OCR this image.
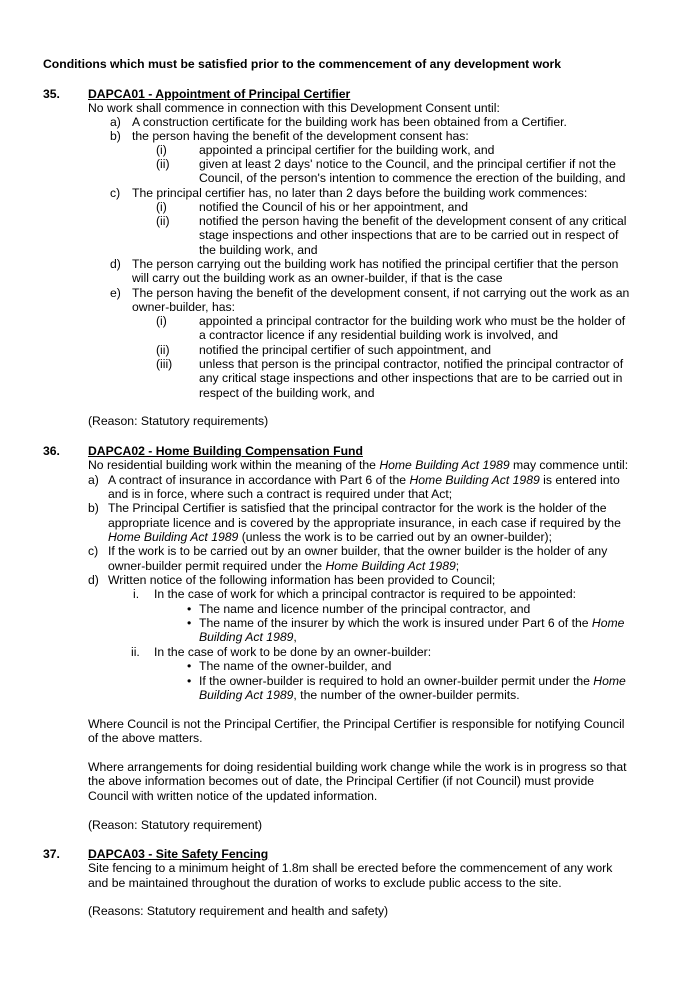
Conditions which must be satisfied prior to the commencement of any development work
35. DAPCA01 - Appointment of Principal Certifier
No work shall commence in connection with this Development Consent until:
a) A construction certificate for the building work has been obtained from a Certifier.
b) the person having the benefit of the development consent has:
(i)	appointed a principal certifier for the building work, and
(ii) given at least 2 days' notice to the Council, and the principal certifier if not the
Council, of the person's intention to commence the erection of the building, and
c) The principal certifier has, no later than 2 days before the building work commences:
(i)	notified the Council of his or her appointment, and
(ii) notified the person having the benefit of the development consent of any critical
stage inspections and other inspections that are to be carried out in respect of
the building work, and
d) The person carrying out the building work has notified the principal certifier that the person
will carry out the building work as an owner-builder, if that is the case
e) The person having the benefit of the development consent, if not carrying out the work as an
owner-builder, has:
(i)	appointed a principal contractor for the building work who must be the holder of
a contractor licence if any residential building work is involved, and
(ii) notified the principal certifier of such appointment, and
(iii) unless that person is the principal contractor, notified the principal contractor of
any critical stage inspections and other inspections that are to be carried out in
respect of the building work, and
(Reason: Statutory requirements)
36. DAPCA02 - Home Building Compensation Fund
No residential building work within the meaning of the Home Building Act 1989 may commence until:
a) A contract of insurance in accordance with Part 6 of the Home Building Act 1989 is entered into
and is in force, where such a contract is required under that Act;
b) The Principal Certifier is satisfied that the principal contractor for the work is the holder of the
appropriate licence and is covered by the appropriate insurance, in each case if required by the
Home Building Act 1989 (unless the work is to be carried out by an owner-builder);
c) If the work is to be carried out by an owner builder, that the owner builder is the holder of any
owner-builder permit required under the Home Building Act 1989;
d) Written notice of the following information has been provided to Council;
i. In the case of work for which a principal contractor is required to be appointed:
• The name and licence number of the principal contractor, and
• The name of the insurer by which the work is insured under Part 6 of the Home
Building Act 1989,
ii. In the case of work to be done by an owner-builder:
• The name of the owner-builder, and
• If the owner-builder is required to hold an owner-builder permit under the Home
Building Act 1989, the number of the owner-builder permits.
Where Council is not the Principal Certifier, the Principal Certifier is responsible for notifying Council
of the above matters.
Where arrangements for doing residential building work change while the work is in progress so that
the above information becomes out of date, the Principal Certifier (if not Council) must provide
Council with written notice of the updated information.
(Reason: Statutory requirement)
37. DAPCA03 - Site Safety Fencing
Site fencing to a minimum height of 1.8m shall be erected before the commencement of any work
and be maintained throughout the duration of works to exclude public access to the site.
(Reasons: Statutory requirement and health and safety)
